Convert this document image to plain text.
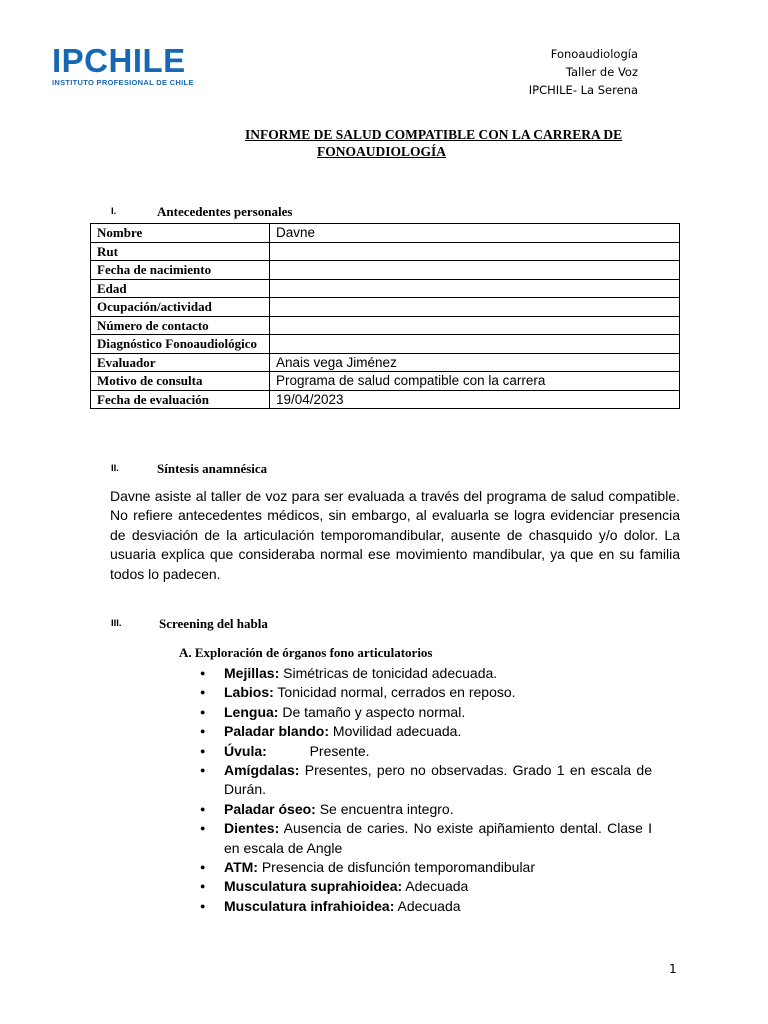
IPCHILE
INSTITUTO PROFESIONAL DE CHILE
Fonoaudiología
Taller de Voz
IPCHILE- La Serena
INFORME DE SALUD COMPATIBLE CON LA CARRERA DE
FONOAUDIOLOGÍA
I.	Antecedentes personales
Nombre	Davne
Rut	
Fecha de nacimiento	
Edad	
Ocupación/actividad	
Número de contacto	
Diagnóstico Fonoaudiológico	
Evaluador	Anais vega Jiménez
Motivo de consulta	Programa de salud compatible con la carrera
Fecha de evaluación	19/04/2023
II.	Síntesis anamnésica
Davne asiste al taller de voz para ser evaluada a través del programa de salud compatible. No refiere antecedentes médicos, sin embargo, al evaluarla se logra evidenciar presencia de desviación de la articulación temporomandibular, ausente de chasquido y/o dolor. La usuaria explica que consideraba normal ese movimiento mandibular, ya que en su familia todos lo padecen.
III.	Screening del habla
A. Exploración de órganos fono articulatorios
● Mejillas: Simétricas de tonicidad adecuada.
● Labios: Tonicidad normal, cerrados en reposo.
● Lengua: De tamaño y aspecto normal.
● Paladar blando: Movilidad adecuada.
● Úvula:           Presente.
● Amígdalas: Presentes, pero no observadas. Grado 1 en escala de Durán.
● Paladar óseo: Se encuentra integro.
● Dientes: Ausencia de caries. No existe apiñamiento dental. Clase I en escala de Angle
● ATM: Presencia de disfunción temporomandibular
● Musculatura suprahioidea: Adecuada
● Musculatura infrahioidea: Adecuada
1
